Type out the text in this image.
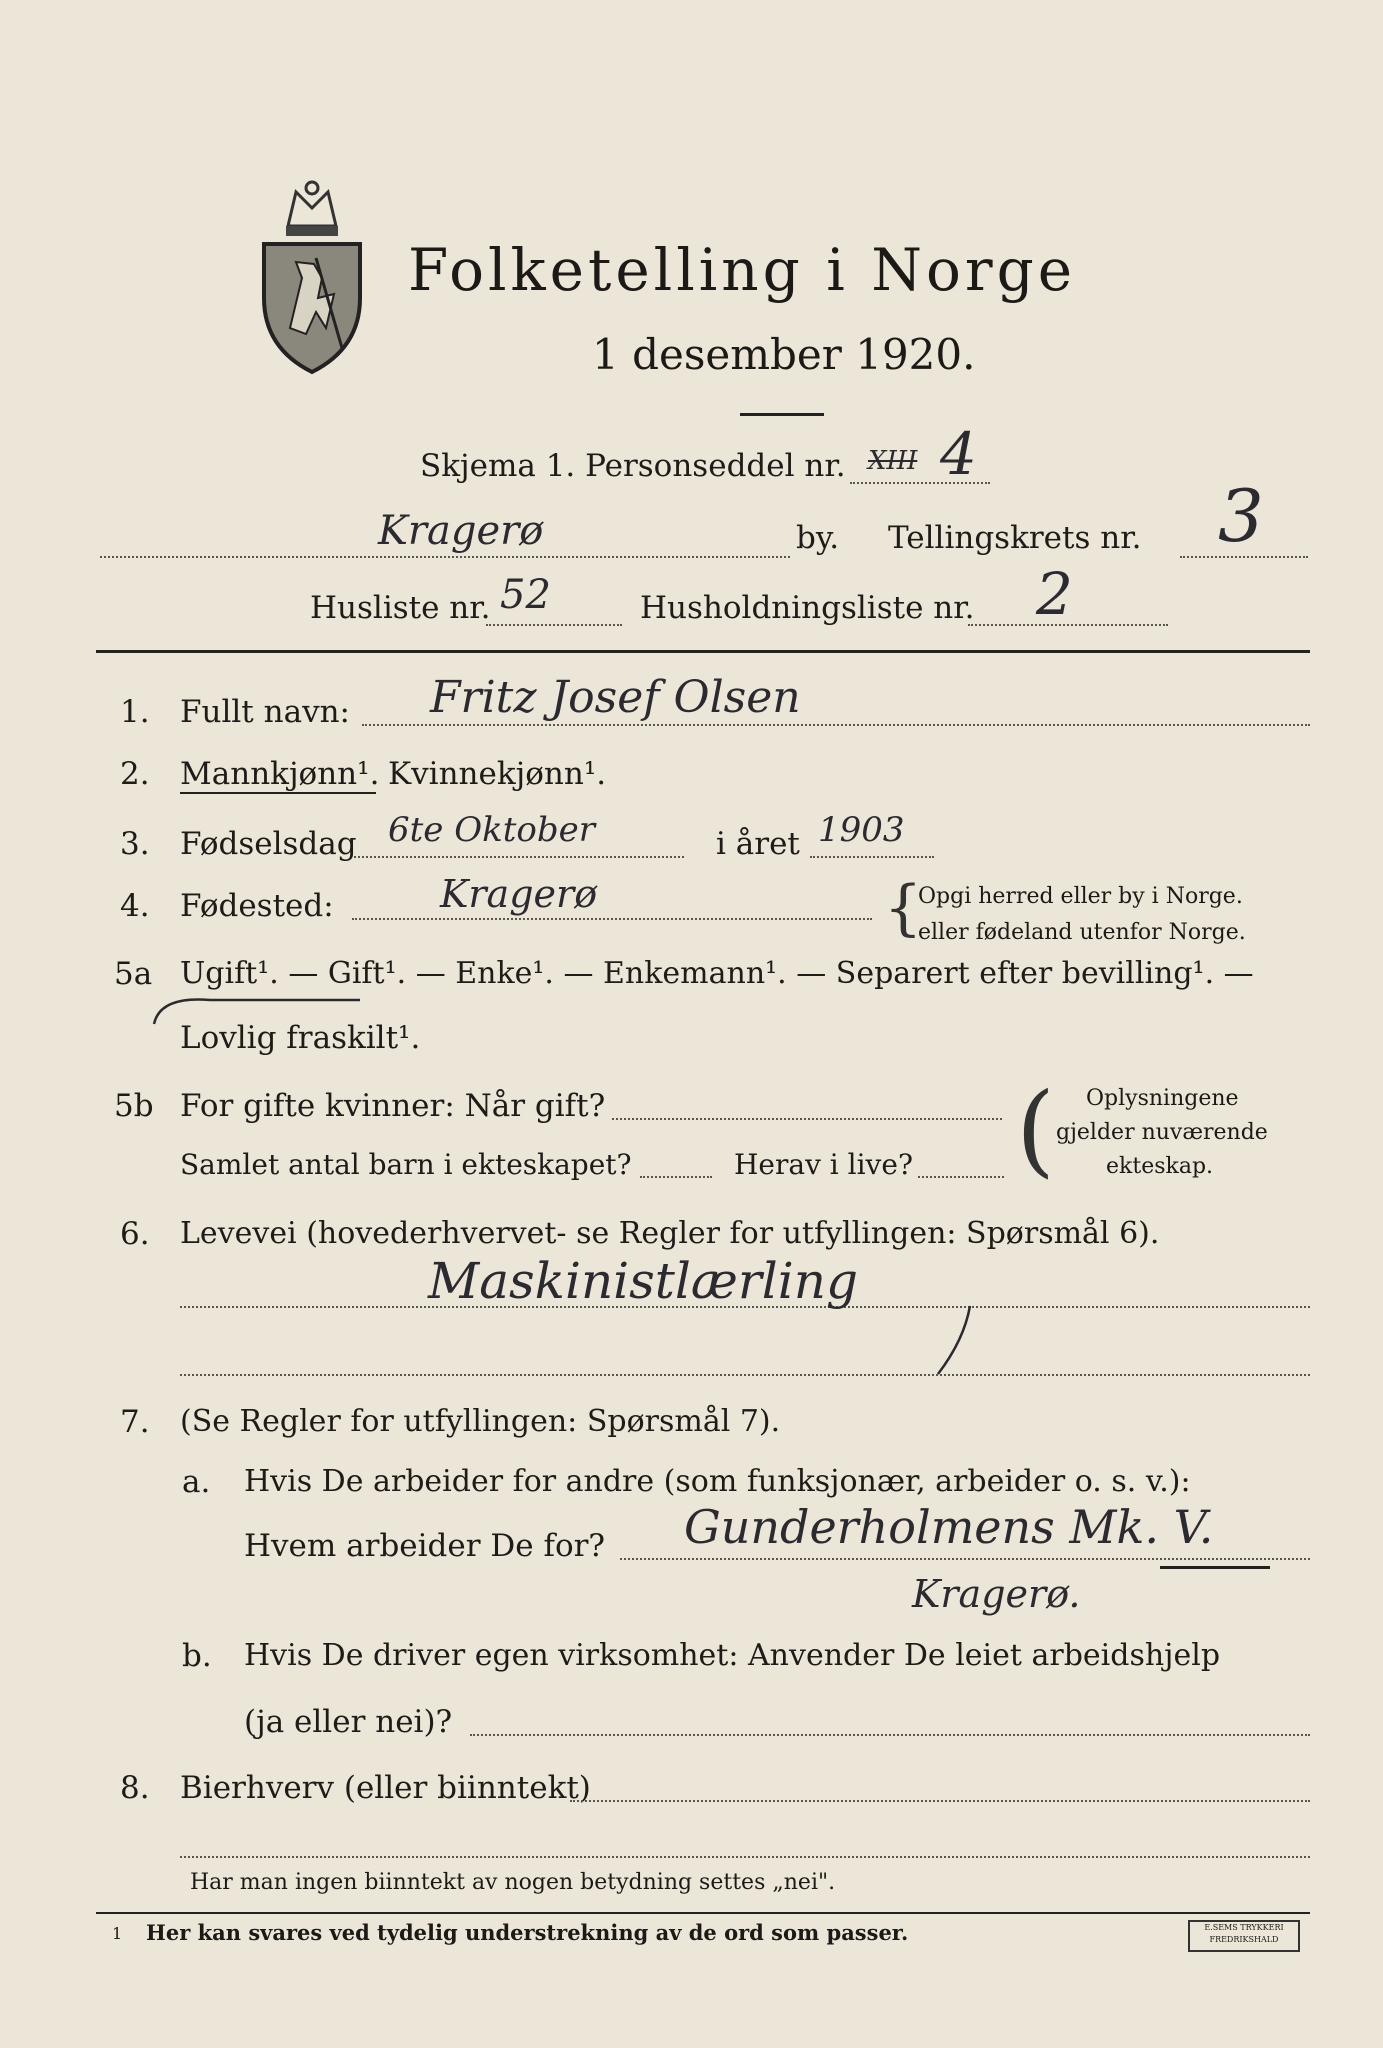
Folketelling i Norge
1 desember 1920.
Skjema 1. Personseddel nr. XIII 4
Kragerø	by. Tellingskrets nr. 3
Husliste nr. 52	Husholdningsliste nr. 2
1. Fullt navn: Fritz Josef Olsen
2. Mannkjønn¹. Kvinnekjønn¹.
3. Fødselsdag 6te Oktober	i året 1903
4. Fødested:	Kragerø	{
Opgi herred eller by i Norge.
eller fødeland utenfor Norge.
5a Ugift¹. — Gift¹. — Enke¹. — Enkemann¹. — Separert efter bevilling¹. —
Lovlig fraskilt¹.
5b For gifte kvinner: Når gift?
Samlet antal barn i ekteskapet?	Herav i live? ( Oplysningene
gjelder nuværende
ekteskap.
6. Levevei (hovederhvervet- se Regler for utfyllingen: Spørsmål 6).
Maskinistlærling
7. (Se Regler for utfyllingen: Spørsmål 7).
a. Hvis De arbeider for andre (som funksjonær, arbeider o. s. v.):
Hvem arbeider De for? Gunderholmens Mk. V.
Kragerø.
b. Hvis De driver egen virksomhet: Anvender De leiet arbeidshjelp
(ja eller nei)?
8. Bierhverv (eller biinntekt)
Har man ingen biinntekt av nogen betydning settes „nei".
1 Her kan svares ved tydelig understrekning av de ord som passer.	E.SEMS TRYKKERI
FREDRIKSHALD
